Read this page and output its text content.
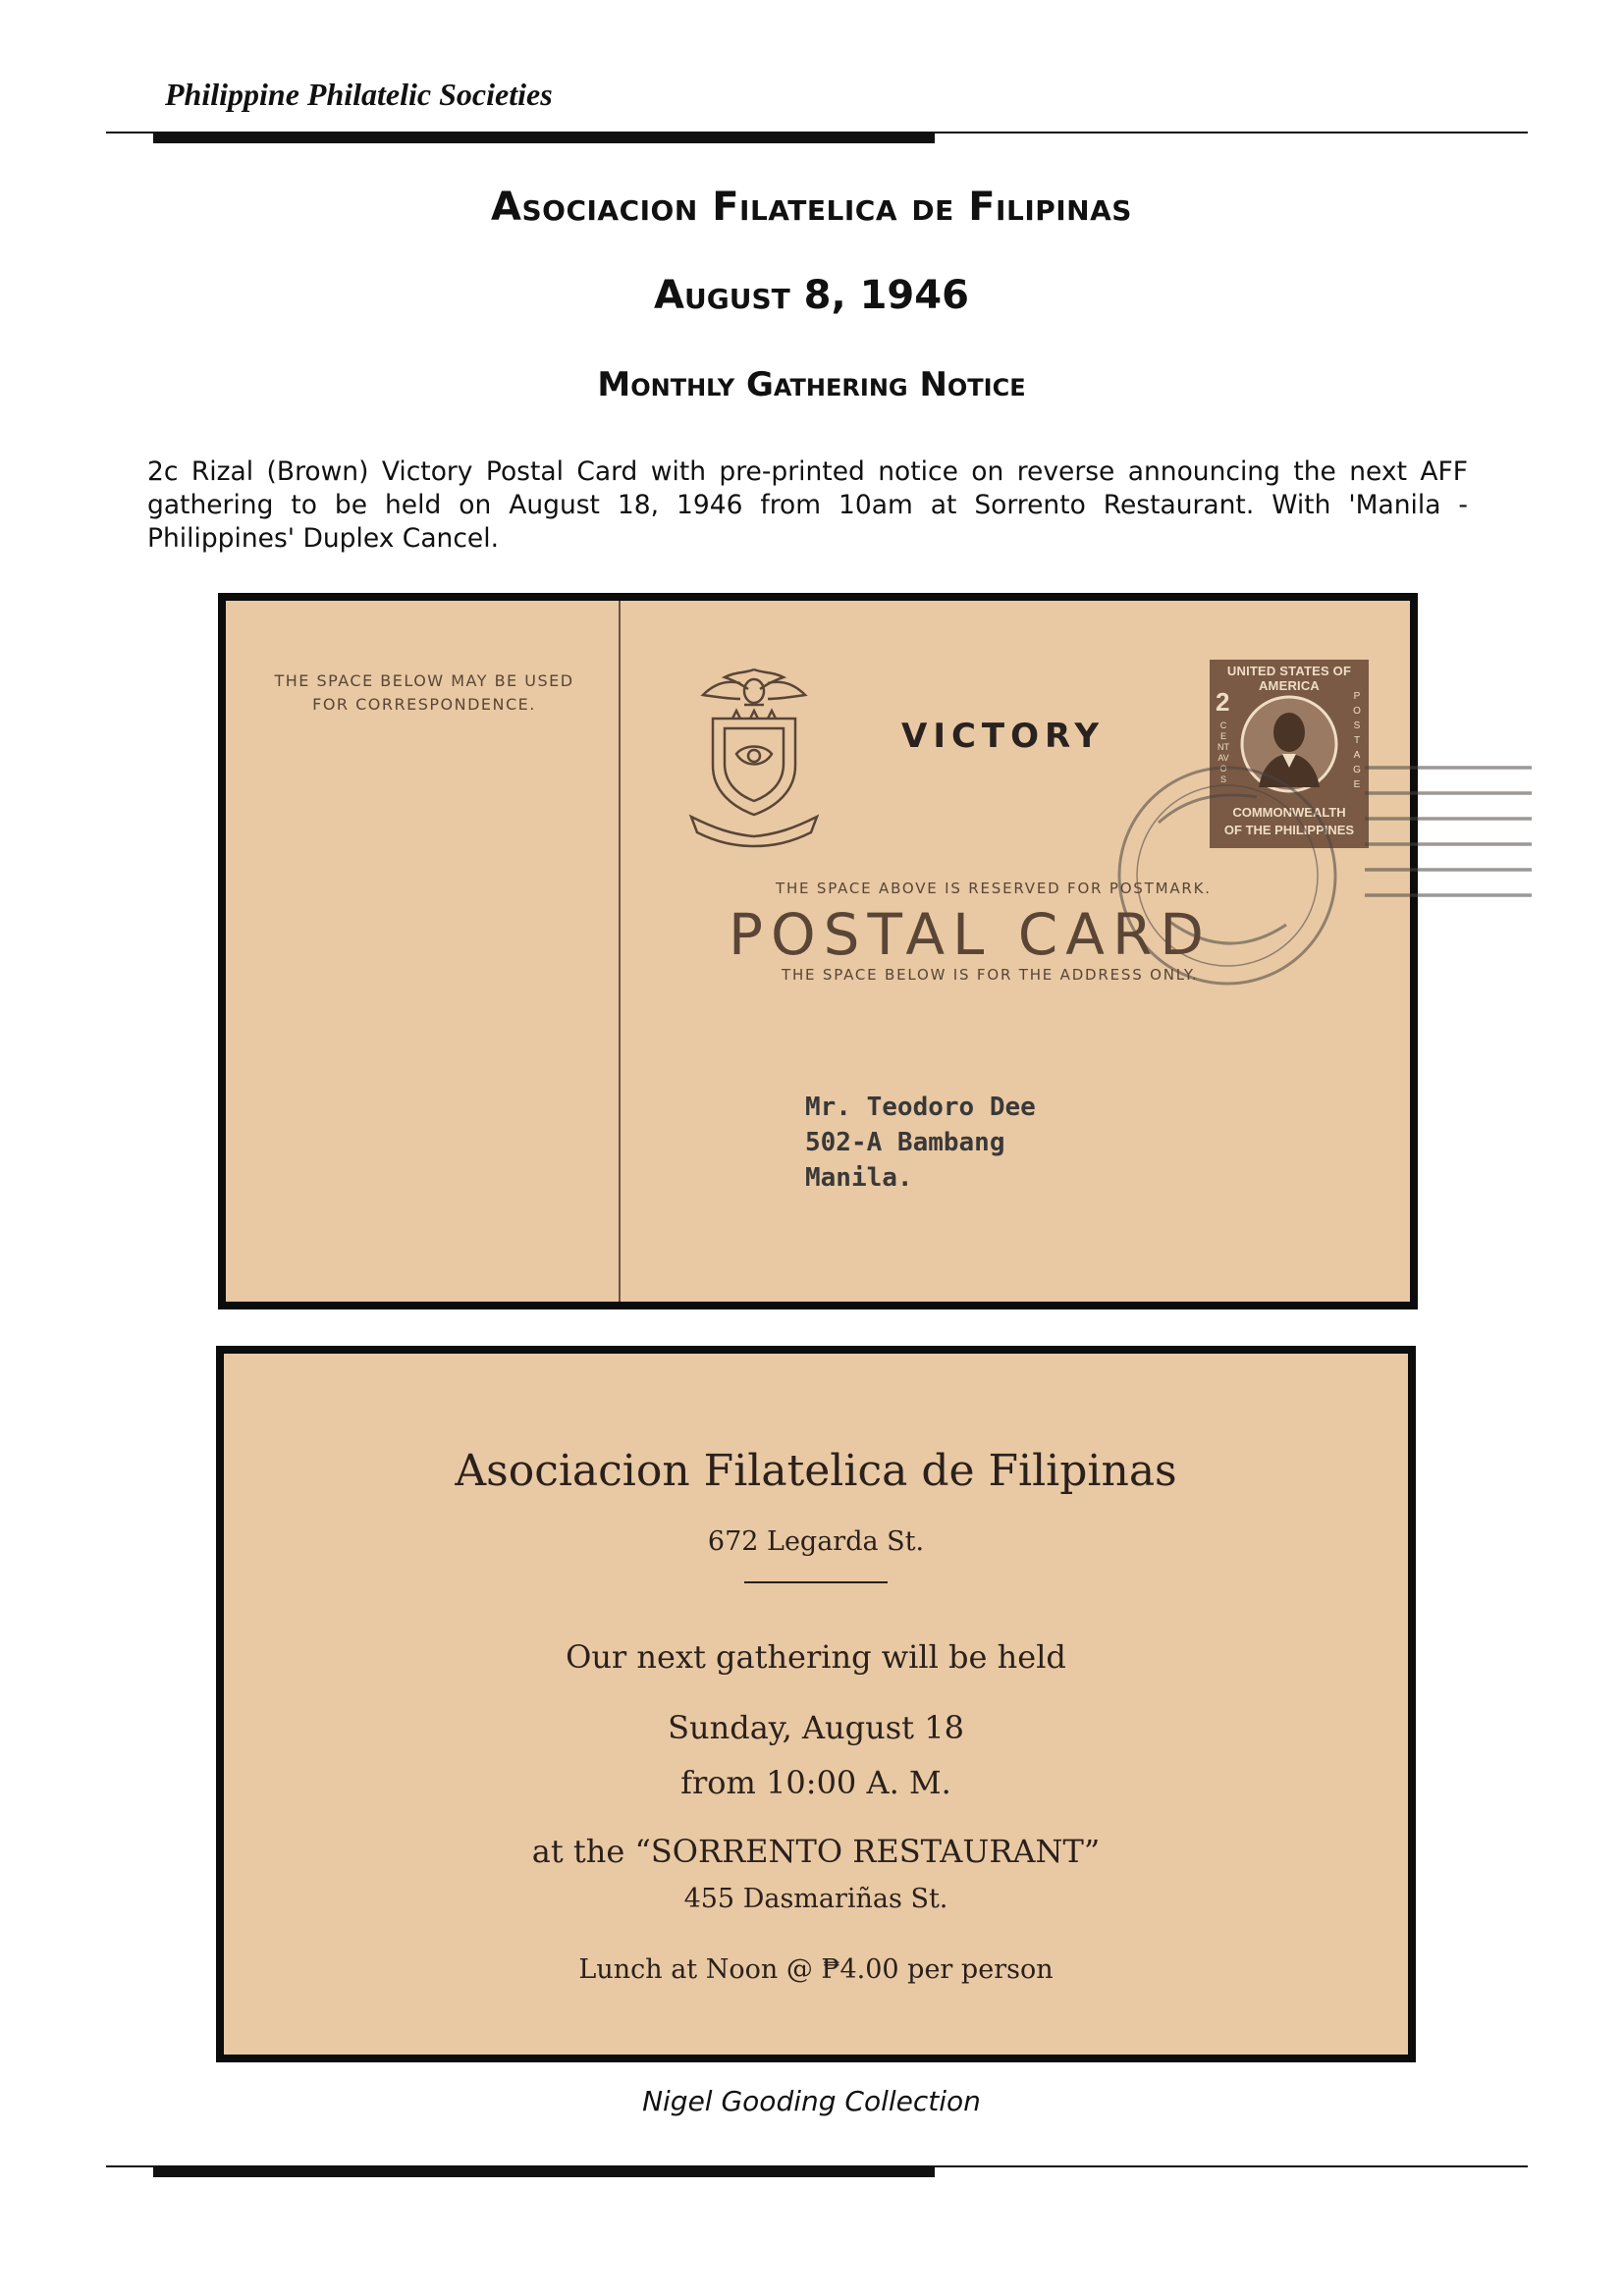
Philippine Philatelic Societies
Asociacion Filatelica de Filipinas
August 8, 1946
Monthly Gathering Notice
2c Rizal (Brown) Victory Postal Card with pre-printed notice on reverse announcing the next AFF gathering to be held on August 18, 1946 from 10am at Sorrento Restaurant. With 'Manila - Philippines' Duplex Cancel.
THE SPACE BELOW MAY BE USED
FOR CORRESPONDENCE.
VICTORY
UNITED STATES OF AMERICA
2
CENTAVOS
POSTAGE
COMMONWEALTH
OF THE PHILIPPINES
THE SPACE ABOVE IS RESERVED FOR POSTMARK.
POSTAL CARD
THE SPACE BELOW IS FOR THE ADDRESS ONLY.
Mr. Teodoro Dee
502-A Bambang
Manila.
Asociacion Filatelica de Filipinas
672 Legarda St.
Our next gathering will be held
Sunday, August 18
from 10:00 A. M.
at the “SORRENTO RESTAURANT”
455 Dasmariñas St.
Lunch at Noon @ ₱4.00 per person
Nigel Gooding Collection
